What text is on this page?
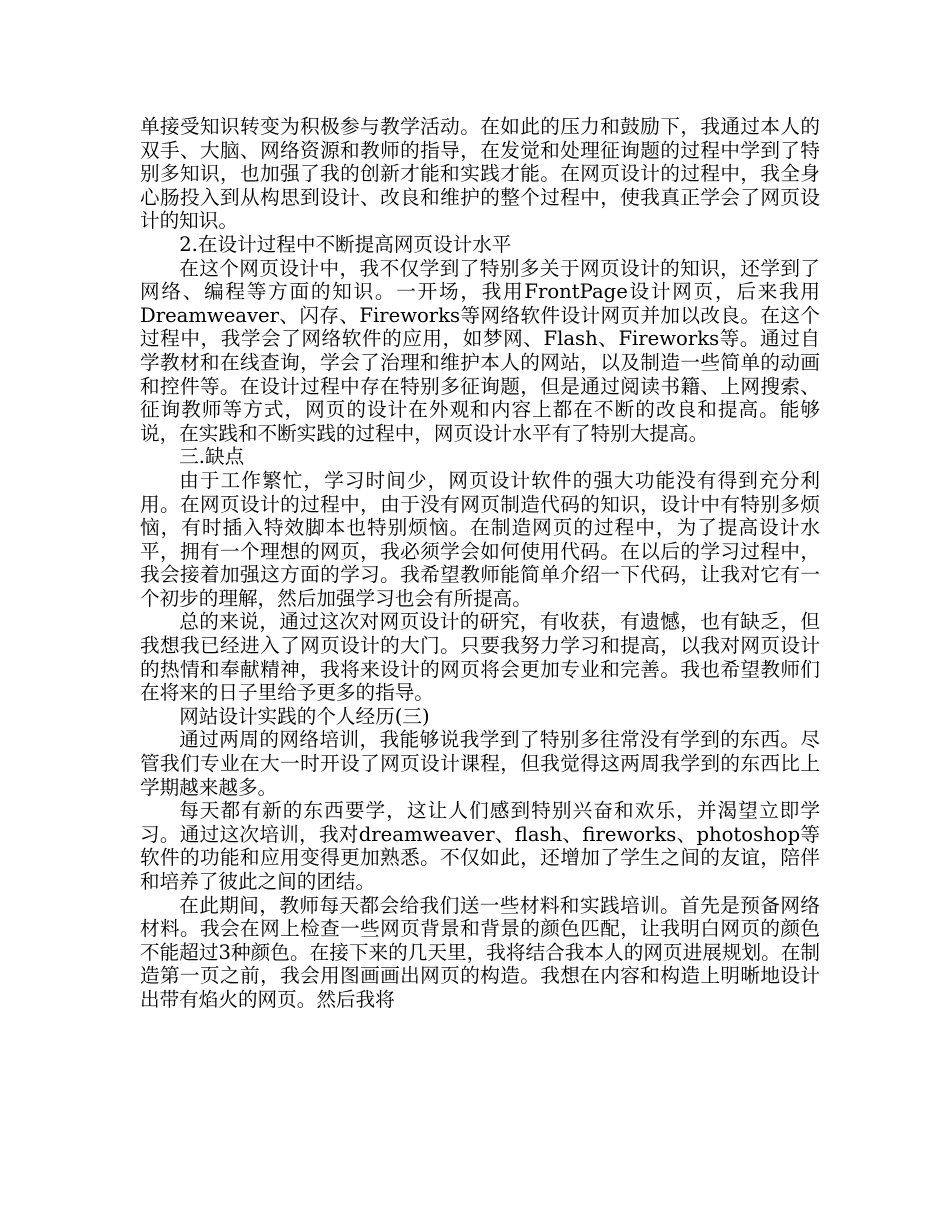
单接受知识转变为积极参与教学活动。在如此的压力和鼓励下，我通过本人的双手、大脑、网络资源和教师的指导，在发觉和处理征询题的过程中学到了特别多知识，也加强了我的创新才能和实践才能。在网页设计的过程中，我全身心肠投入到从构思到设计、改良和维护的整个过程中，使我真正学会了网页设计的知识。

2.在设计过程中不断提高网页设计水平

在这个网页设计中，我不仅学到了特别多关于网页设计的知识，还学到了网络、编程等方面的知识。一开场，我用FrontPage设计网页，后来我用Dreamweaver、闪存、Fireworks等网络软件设计网页并加以改良。在这个过程中，我学会了网络软件的应用，如梦网、Flash、Fireworks等。通过自学教材和在线查询，学会了治理和维护本人的网站，以及制造一些简单的动画和控件等。在设计过程中存在特别多征询题，但是通过阅读书籍、上网搜索、征询教师等方式，网页的设计在外观和内容上都在不断的改良和提高。能够说，在实践和不断实践的过程中，网页设计水平有了特别大提高。

三.缺点

由于工作繁忙，学习时间少，网页设计软件的强大功能没有得到充分利用。在网页设计的过程中，由于没有网页制造代码的知识，设计中有特别多烦恼，有时插入特效脚本也特别烦恼。在制造网页的过程中，为了提高设计水平，拥有一个理想的网页，我必须学会如何使用代码。在以后的学习过程中，我会接着加强这方面的学习。我希望教师能简单介绍一下代码，让我对它有一个初步的理解，然后加强学习也会有所提高。

总的来说，通过这次对网页设计的研究，有收获，有遗憾，也有缺乏，但我想我已经进入了网页设计的大门。只要我努力学习和提高，以我对网页设计的热情和奉献精神，我将来设计的网页将会更加专业和完善。我也希望教师们在将来的日子里给予更多的指导。

网站设计实践的个人经历(三)

通过两周的网络培训，我能够说我学到了特别多往常没有学到的东西。尽管我们专业在大一时开设了网页设计课程，但我觉得这两周我学到的东西比上学期越来越多。

每天都有新的东西要学，这让人们感到特别兴奋和欢乐，并渴望立即学习。通过这次培训，我对dreamweaver、flash、fireworks、photoshop等软件的功能和应用变得更加熟悉。不仅如此，还增加了学生之间的友谊，陪伴和培养了彼此之间的团结。

在此期间，教师每天都会给我们送一些材料和实践培训。首先是预备网络材料。我会在网上检查一些网页背景和背景的颜色匹配，让我明白网页的颜色不能超过3种颜色。在接下来的几天里，我将结合我本人的网页进展规划。在制造第一页之前，我会用图画画出网页的构造。我想在内容和构造上明晰地设计出带有焰火的网页。然后我将
